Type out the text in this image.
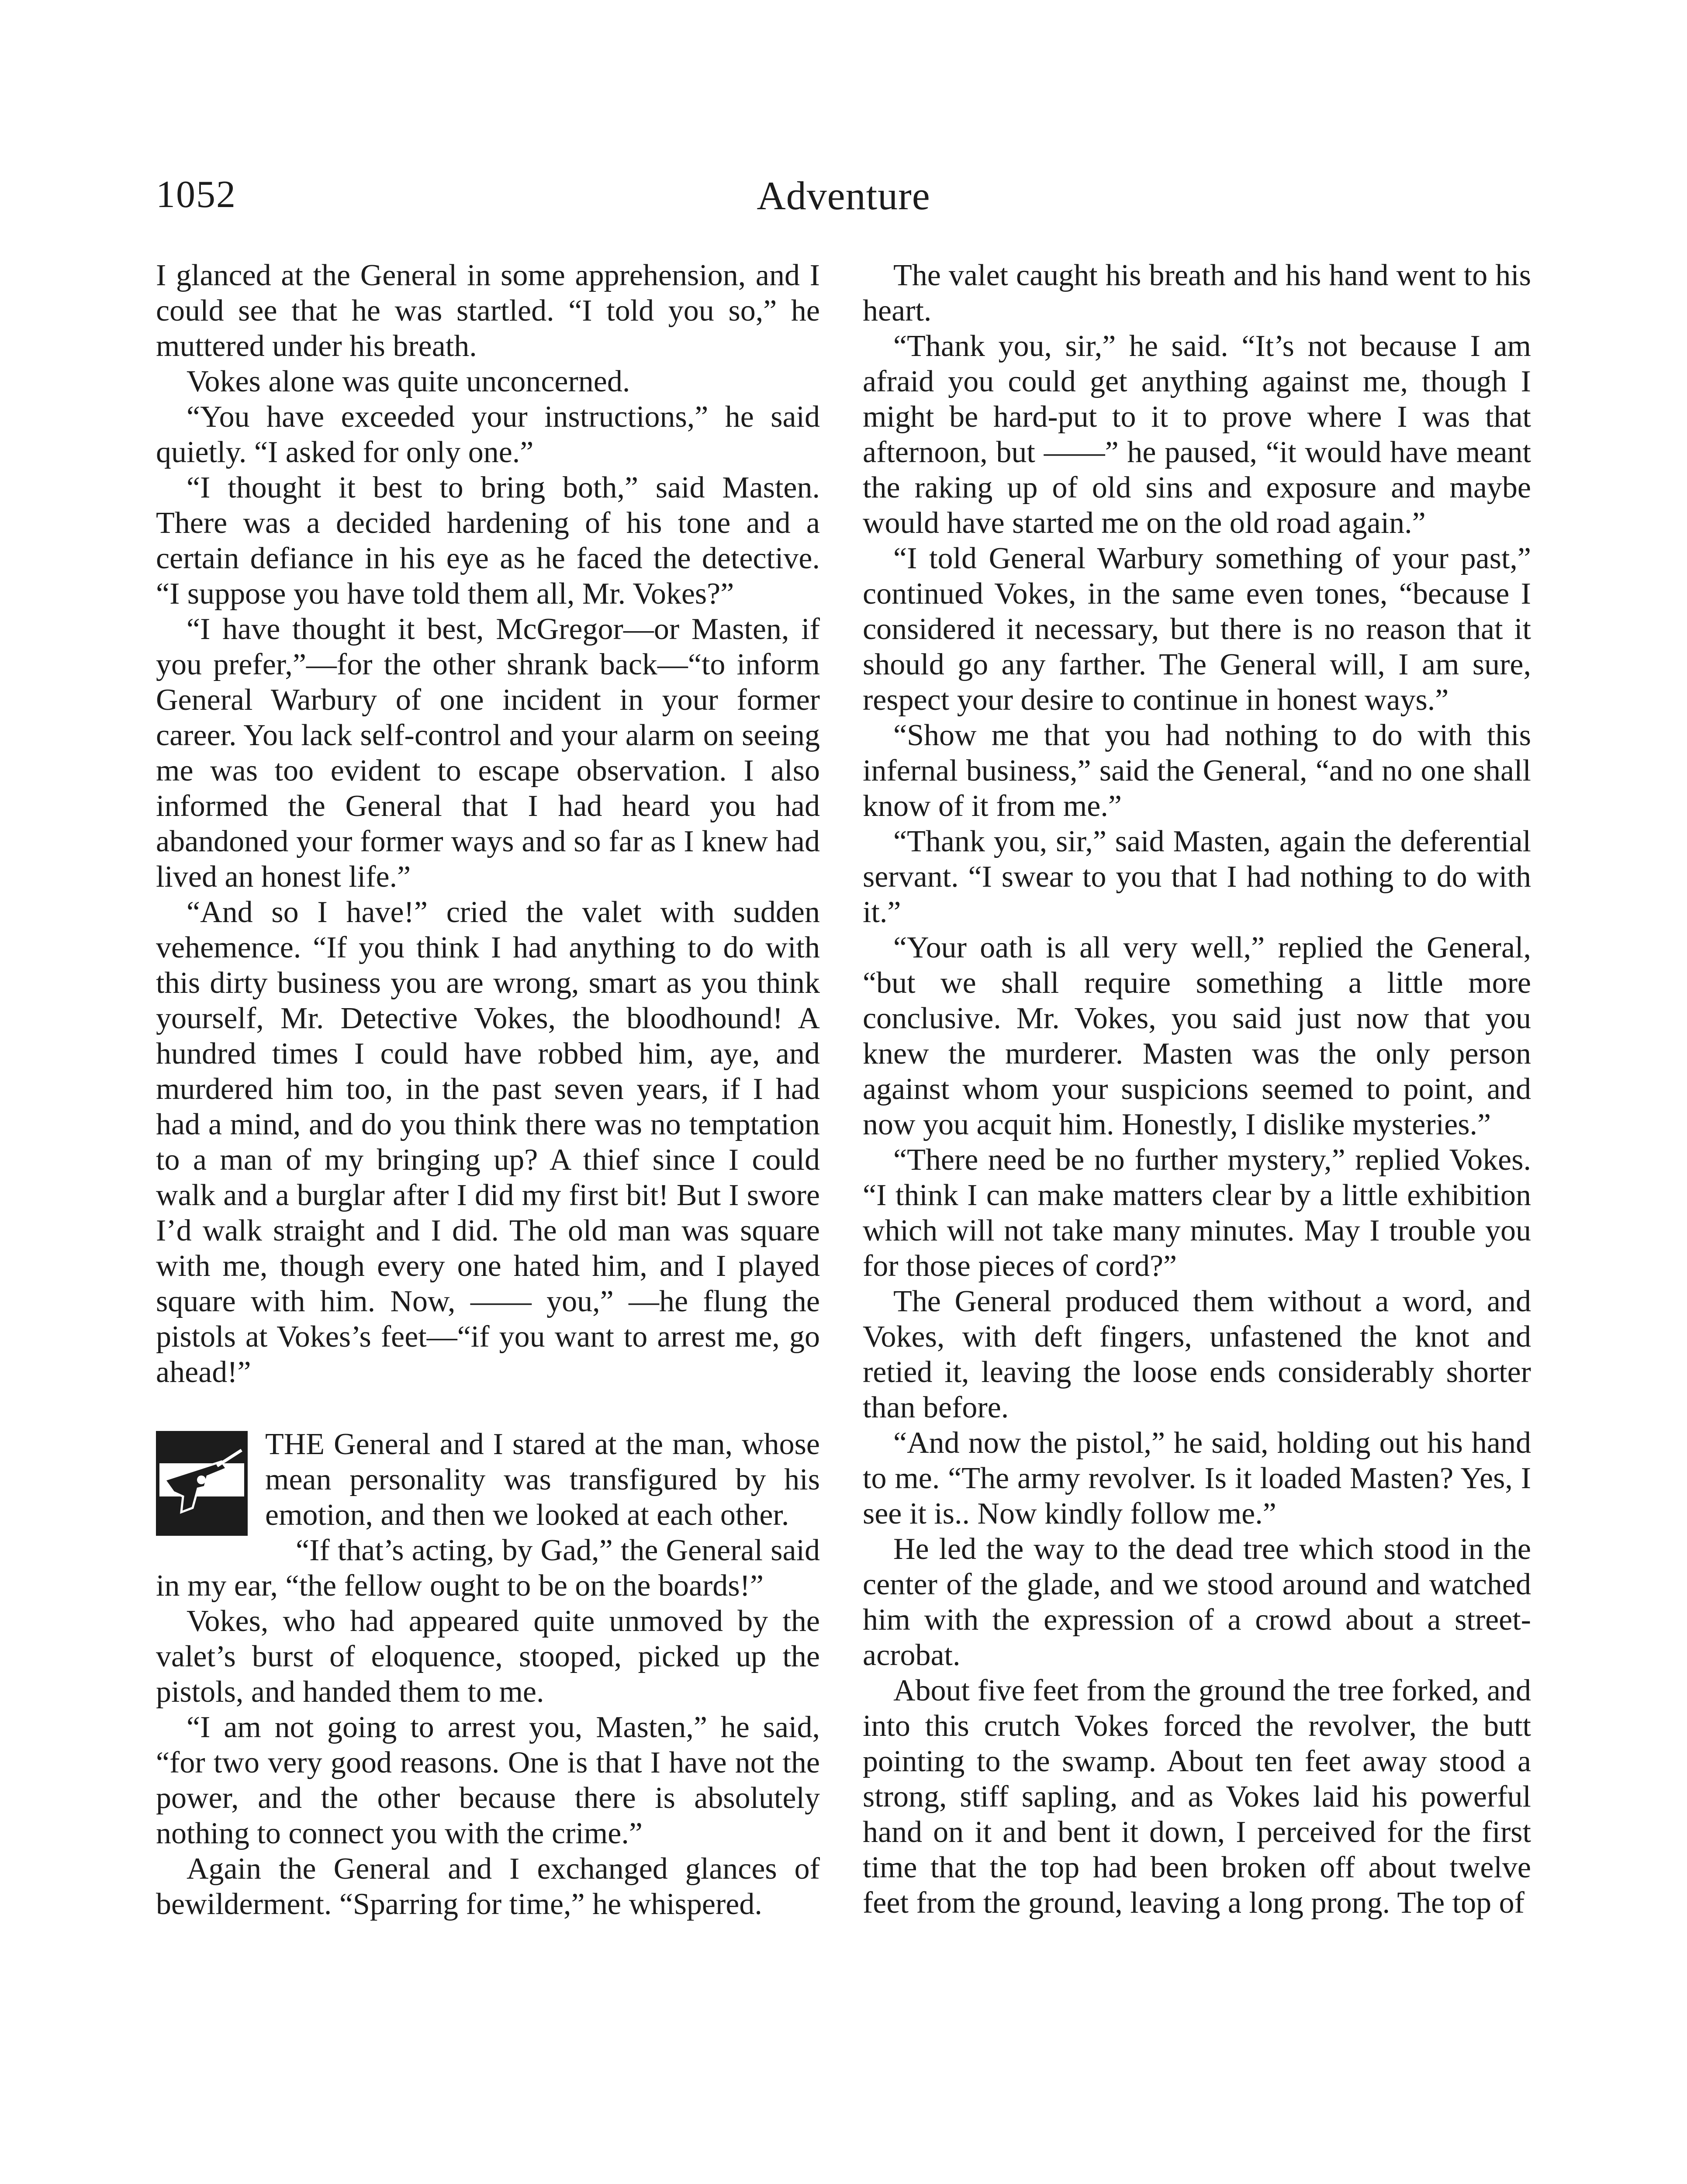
1052	Adventure

I glanced at the General in some apprehension, and I could see that he was startled. “I told you so,” he muttered under his breath.

Vokes alone was quite unconcerned.

“You have exceeded your instructions,” he said quietly. “I asked for only one.”

“I thought it best to bring both,” said Masten. There was a decided hardening of his tone and a certain defiance in his eye as he faced the detective. “I suppose you have told them all, Mr. Vokes?”

“I have thought it best, McGregor—or Masten, if you prefer,”—for the other shrank back—“to inform General Warbury of one incident in your former career. You lack self-control and your alarm on seeing me was too evident to escape observation. I also informed the General that I had heard you had abandoned your former ways and so far as I knew had lived an honest life.”

“And so I have!” cried the valet with sudden vehemence. “If you think I had anything to do with this dirty business you are wrong, smart as you think yourself, Mr. Detective Vokes, the bloodhound! A hundred times I could have robbed him, aye, and murdered him too, in the past seven years, if I had had a mind, and do you think there was no temptation to a man of my bringing up? A thief since I could walk and a burglar after I did my first bit! But I swore I’d walk straight and I did. The old man was square with me, though every one hated him, and I played square with him. Now, —— you,” —he flung the pistols at Vokes’s feet—“if you want to arrest me, go ahead!”

THE General and I stared at the man, whose mean personality was transfigured by his emotion, and then we looked at each other.

“If that’s acting, by Gad,” the General said in my ear, “the fellow ought to be on the boards!”

Vokes, who had appeared quite unmoved by the valet’s burst of eloquence, stooped, picked up the pistols, and handed them to me.

“I am not going to arrest you, Masten,” he said, “for two very good reasons. One is that I have not the power, and the other because there is absolutely nothing to connect you with the crime.”

Again the General and I exchanged glances of bewilderment. “Sparring for time,” he whispered.

The valet caught his breath and his hand went to his heart.

“Thank you, sir,” he said. “It’s not because I am afraid you could get anything against me, though I might be hard-put to it to prove where I was that afternoon, but ——” he paused, “it would have meant the raking up of old sins and exposure and maybe would have started me on the old road again.”

“I told General Warbury something of your past,” continued Vokes, in the same even tones, “because I considered it necessary, but there is no reason that it should go any farther. The General will, I am sure, respect your desire to continue in honest ways.”

“Show me that you had nothing to do with this infernal business,” said the General, “and no one shall know of it from me.”

“Thank you, sir,” said Masten, again the deferential servant. “I swear to you that I had nothing to do with it.”

“Your oath is all very well,” replied the General, “but we shall require something a little more conclusive. Mr. Vokes, you said just now that you knew the murderer. Masten was the only person against whom your suspicions seemed to point, and now you acquit him. Honestly, I dislike mysteries.”

“There need be no further mystery,” replied Vokes. “I think I can make matters clear by a little exhibition which will not take many minutes. May I trouble you for those pieces of cord?”

The General produced them without a word, and Vokes, with deft fingers, unfastened the knot and retied it, leaving the loose ends considerably shorter than before.

“And now the pistol,” he said, holding out his hand to me. “The army revolver. Is it loaded Masten? Yes, I see it is.. Now kindly follow me.”

He led the way to the dead tree which stood in the center of the glade, and we stood around and watched him with the expression of a crowd about a street-acrobat.

About five feet from the ground the tree forked, and into this crutch Vokes forced the revolver, the butt pointing to the swamp. About ten feet away stood a strong, stiff sapling, and as Vokes laid his powerful hand on it and bent it down, I perceived for the first time that the top had been broken off about twelve feet from the ground, leaving a long prong. The top of
